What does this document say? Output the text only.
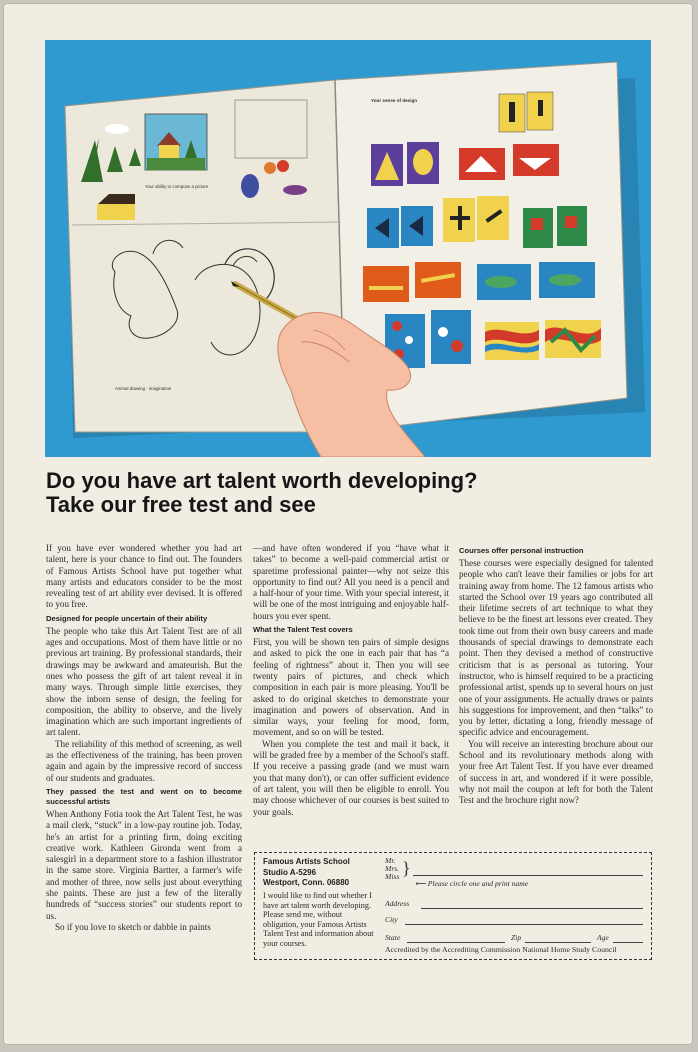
Your ability to compose a picture
Animal drawing · imagination
Your sense of design
Do you have art talent worth developing?
Take our free test and see

If you have ever wondered whether you had art talent, here is your chance to find out. The founders of Famous Artists School have put together what many artists and educators consider to be the most revealing test of art ability ever devised. It is offered to you free.

Designed for people uncertain of their ability

The people who take this Art Talent Test are of all ages and occupations. Most of them have little or no previous art training. By professional standards, their drawings may be awkward and amateurish. But the ones who possess the gift of art talent reveal it in many ways. Through simple little exercises, they show the inborn sense of design, the feeling for composition, the ability to observe, and the lively imagination which are such important ingredients of art talent.

The reliability of this method of screening, as well as the effectiveness of the training, has been proven again and again by the impressive record of success of our students and graduates.

They passed the test and went on to become successful artists

When Anthony Fotia took the Art Talent Test, he was a mail clerk, “stuck” in a low-pay routine job. Today, he's an artist for a printing firm, doing exciting creative work. Kathleen Gironda went from a salesgirl in a department store to a fashion illustrator in the same store. Virginia Bartter, a farmer's wife and mother of three, now sells just about everything she paints. These are just a few of the literally hundreds of “success stories” our students report to us.

So if you love to sketch or dabble in paints

—and have often wondered if you “have what it takes” to become a well-paid commercial artist or sparetime professional painter—why not seize this opportunity to find out? All you need is a pencil and a half-hour of your time. With your special interest, it will be one of the most intriguing and enjoyable half-hours you ever spent.

What the Talent Test covers

First, you will be shown ten pairs of simple designs and asked to pick the one in each pair that has “a feeling of rightness” about it. Then you will see twenty pairs of pictures, and check which composition in each pair is more pleasing. You'll be asked to do original sketches to demonstrate your imagination and powers of observation. And in similar ways, your feeling for mood, form, movement, and so on will be tested.

When you complete the test and mail it back, it will be graded free by a member of the School's staff. If you receive a passing grade (and we must warn you that many don't), or can offer sufficient evidence of art talent, you will then be eligible to enroll. You may choose whichever of our courses is best suited to your goals.

Courses offer personal instruction

These courses were especially designed for talented people who can't leave their families or jobs for art training away from home. The 12 famous artists who started the School over 19 years ago contributed all their lifetime secrets of art technique to what they believe to be the finest art lessons ever created. They took time out from their own busy careers and made thousands of special drawings to demonstrate each point. Then they devised a method of constructive criticism that is as personal as tutoring. Your instructor, who is himself required to be a practicing professional artist, spends up to several hours on just one of your assignments. He actually draws or paints his suggestions for improvement, and then “talks” to you by letter, dictating a long, friendly message of specific advice and encouragement.

You will receive an interesting brochure about our School and its revolutionary methods along with your free Art Talent Test. If you have ever dreamed of success in art, and wondered if it were possible, why not mail the coupon at left for both the Talent Test and the brochure right now?

Famous Artists School
Studio A-5296
Westport, Conn. 06880
I would like to find out whether I have art talent worth developing. Please send me, without obligation, your Famous Artists Talent Test and information about your courses.
Mr.
Mrs.
Miss }
⟵ Please circle one and print name
Address
City
State	Zip	Age
Accredited by the Accrediting Commission National Home Study Council
